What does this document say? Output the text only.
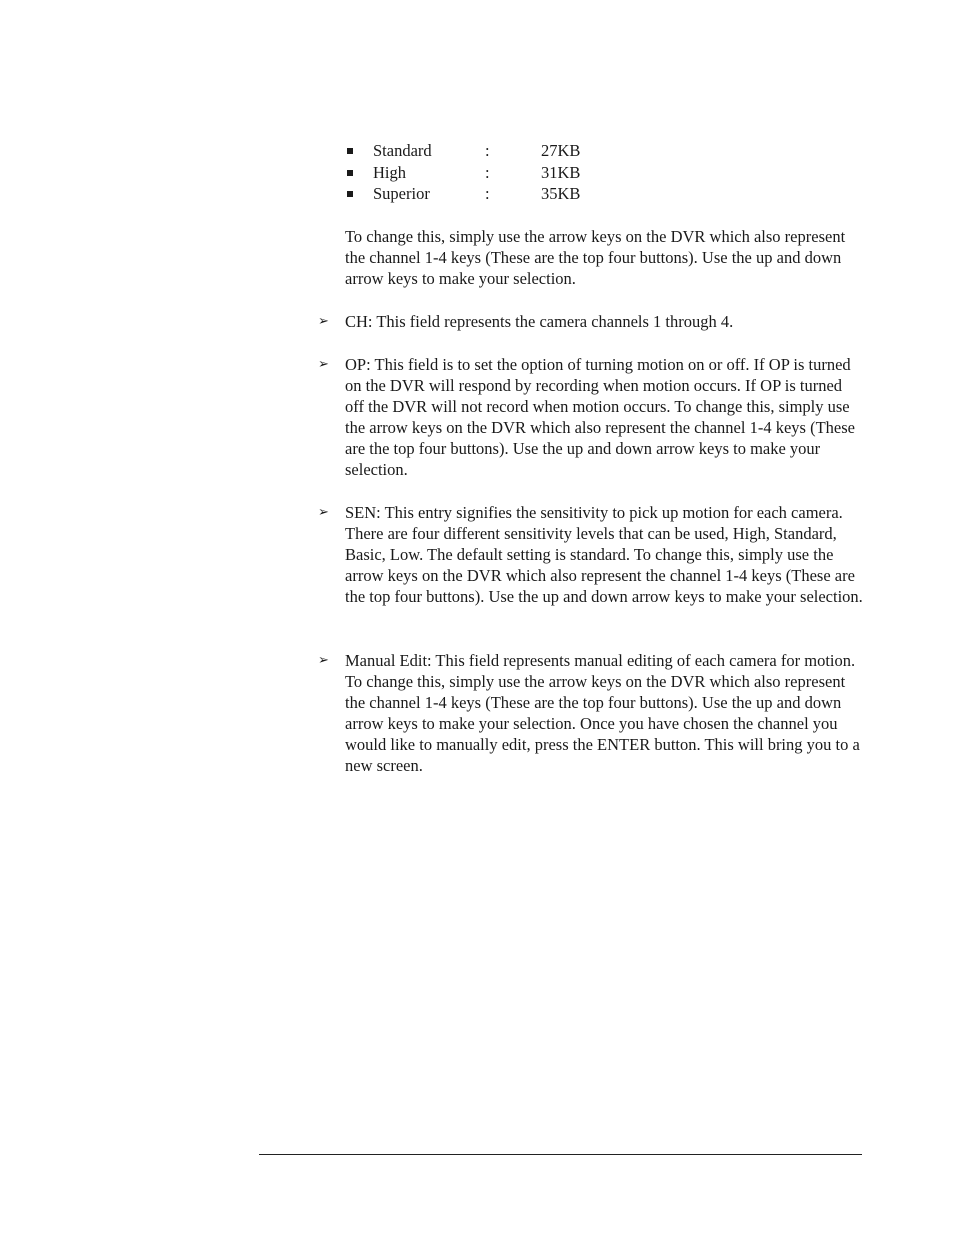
Standard	:	27KB
High	:	31KB
Superior	:	35KB

To change this, simply use the arrow keys on the DVR which also represent the channel 1-4 keys (These are the top four buttons). Use the up and down arrow keys to make your selection.

➢ CH: This field represents the camera channels 1 through 4.

➢ OP: This field is to set the option of turning motion on or off. If OP is turned on the DVR will respond by recording when motion occurs. If OP is turned off the DVR will not record when motion occurs. To change this, simply use the arrow keys on the DVR which also represent the channel 1-4 keys (These are the top four buttons). Use the up and down arrow keys to make your selection.

➢ SEN: This entry signifies the sensitivity to pick up motion for each camera. There are four different sensitivity levels that can be used, High, Standard, Basic, Low. The default setting is standard. To change this, simply use the arrow keys on the DVR which also represent the channel 1-4 keys (These are the top four buttons). Use the up and down arrow keys to make your selection.

➢ Manual Edit: This field represents manual editing of each camera for motion. To change this, simply use the arrow keys on the DVR which also represent the channel 1-4 keys (These are the top four buttons). Use the up and down arrow keys to make your selection. Once you have chosen the channel you would like to manually edit, press the ENTER button. This will bring you to a new screen.
